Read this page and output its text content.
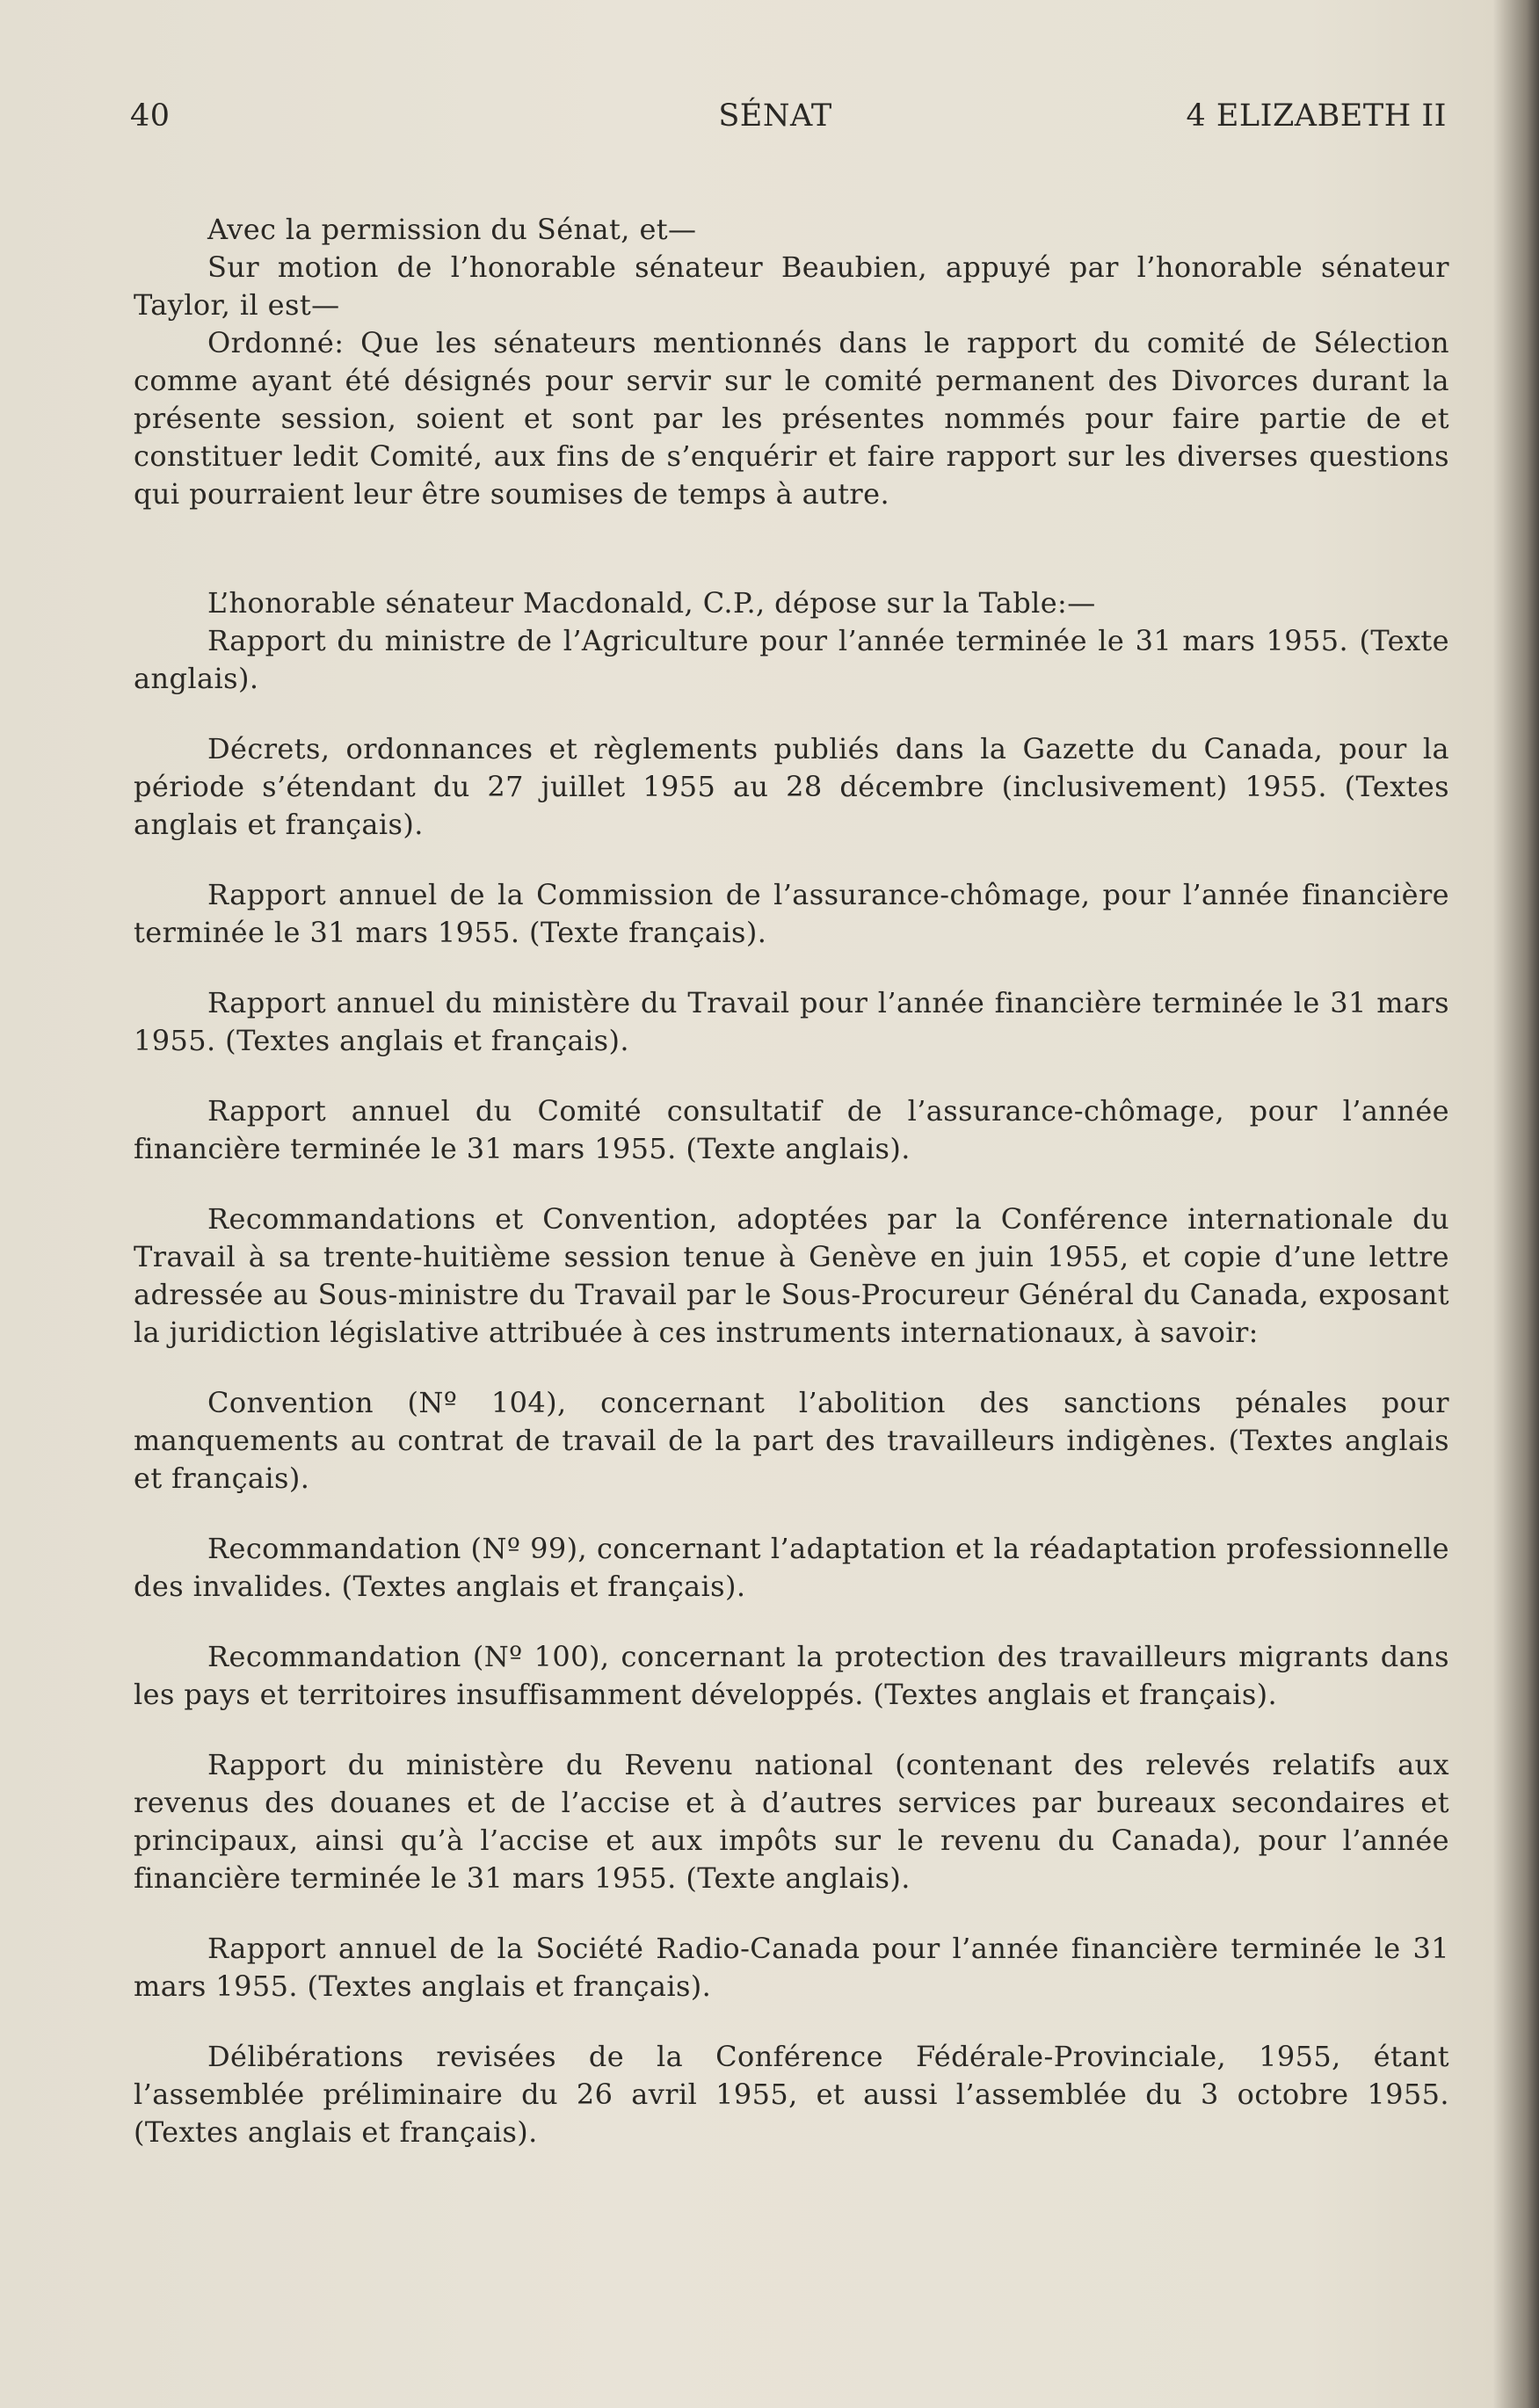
40	SÉNAT	4 ELIZABETH II

Avec la permission du Sénat, et—

Sur motion de l’honorable sénateur Beaubien, appuyé par l’honorable sénateur Taylor, il est—

Ordonné: Que les sénateurs mentionnés dans le rapport du comité de Sélection comme ayant été désignés pour servir sur le comité permanent des Divorces durant la présente session, soient et sont par les présentes nommés pour faire partie de et constituer ledit Comité, aux fins de s’enquérir et faire rapport sur les diverses questions qui pourraient leur être soumises de temps à autre.

L’honorable sénateur Macdonald, C.P., dépose sur la Table:—

Rapport du ministre de l’Agriculture pour l’année terminée le 31 mars 1955. (Texte anglais).

Décrets, ordonnances et règlements publiés dans la Gazette du Canada, pour la période s’étendant du 27 juillet 1955 au 28 décembre (inclusivement) 1955. (Textes anglais et français).

Rapport annuel de la Commission de l’assurance-chômage, pour l’année financière terminée le 31 mars 1955. (Texte français).

Rapport annuel du ministère du Travail pour l’année financière terminée le 31 mars 1955. (Textes anglais et français).

Rapport annuel du Comité consultatif de l’assurance-chômage, pour l’année financière terminée le 31 mars 1955. (Texte anglais).

Recommandations et Convention, adoptées par la Conférence internationale du Travail à sa trente-huitième session tenue à Genève en juin 1955, et copie d’une lettre adressée au Sous-ministre du Travail par le Sous-Procureur Général du Canada, exposant la juridiction législative attribuée à ces instruments internationaux, à savoir:

Convention (Nº 104), concernant l’abolition des sanctions pénales pour manquements au contrat de travail de la part des travailleurs indigènes. (Textes anglais et français).

Recommandation (Nº 99), concernant l’adaptation et la réadaptation professionnelle des invalides. (Textes anglais et français).

Recommandation (Nº 100), concernant la protection des travailleurs migrants dans les pays et territoires insuffisamment développés. (Textes anglais et français).

Rapport du ministère du Revenu national (contenant des relevés relatifs aux revenus des douanes et de l’accise et à d’autres services par bureaux secondaires et principaux, ainsi qu’à l’accise et aux impôts sur le revenu du Canada), pour l’année financière terminée le 31 mars 1955. (Texte anglais).

Rapport annuel de la Société Radio-Canada pour l’année financière terminée le 31 mars 1955. (Textes anglais et français).

Délibérations revisées de la Conférence Fédérale-Provinciale, 1955, étant l’assemblée préliminaire du 26 avril 1955, et aussi l’assemblée du 3 octobre 1955. (Textes anglais et français).
